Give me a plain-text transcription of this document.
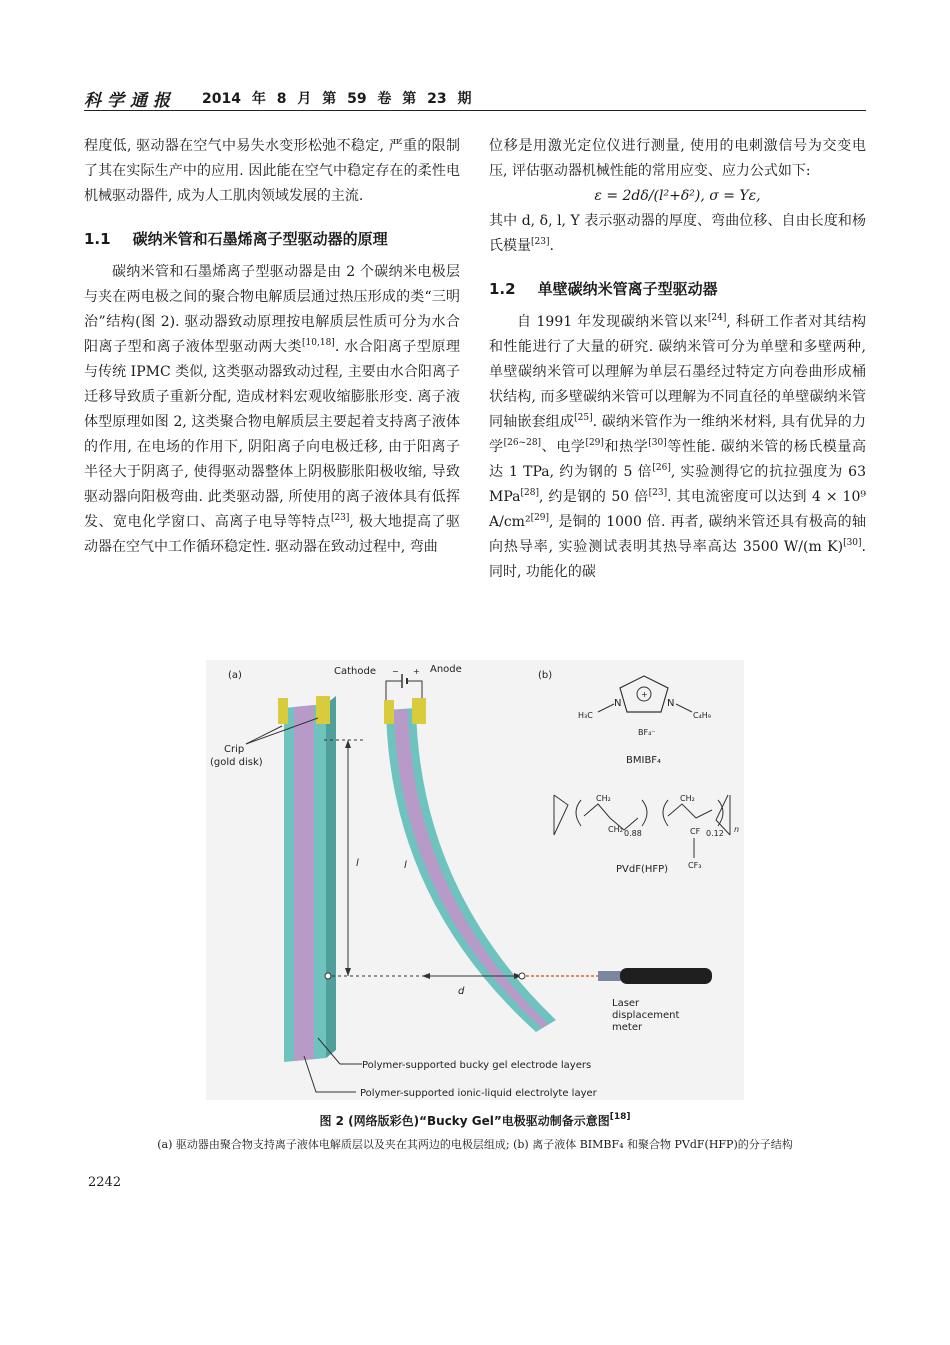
科学通报 2014 年 8 月 第 59 卷 第 23 期

程度低, 驱动器在空气中易失水变形松弛不稳定, 严重的限制了其在实际生产中的应用. 因此能在空气中稳定存在的柔性电机械驱动器件, 成为人工肌肉领域发展的主流.

1.1 碳纳米管和石墨烯离子型驱动器的原理

碳纳米管和石墨烯离子型驱动器是由 2 个碳纳米电极层与夹在两电极之间的聚合物电解质层通过热压形成的类“三明治”结构(图 2). 驱动器致动原理按电解质层性质可分为水合阳离子型和离子液体型驱动两大类[10,18]. 水合阳离子型原理与传统 IPMC 类似, 这类驱动器致动过程, 主要由水合阳离子迁移导致质子重新分配, 造成材料宏观收缩膨胀形变. 离子液体型原理如图 2, 这类聚合物电解质层主要起着支持离子液体的作用, 在电场的作用下, 阴阳离子向电极迁移, 由于阳离子半径大于阴离子, 使得驱动器整体上阴极膨胀阳极收缩, 导致驱动器向阳极弯曲. 此类驱动器, 所使用的离子液体具有低挥发、宽电化学窗口、高离子电导等特点[23], 极大地提高了驱动器在空气中工作循环稳定性. 驱动器在致动过程中, 弯曲

位移是用激光定位仪进行测量, 使用的电刺激信号为交变电压, 评估驱动器机械性能的常用应变、应力公式如下:

ε = 2dδ/(l²+δ²), σ = Yε,

其中 d, δ, l, Y 表示驱动器的厚度、弯曲位移、自由长度和杨氏模量[23].

1.2 单壁碳纳米管离子型驱动器

自 1991 年发现碳纳米管以来[24], 科研工作者对其结构和性能进行了大量的研究. 碳纳米管可分为单壁和多壁两种, 单壁碳纳米管可以理解为单层石墨经过特定方向卷曲形成桶状结构, 而多壁碳纳米管可以理解为不同直径的单壁碳纳米管同轴嵌套组成[25]. 碳纳米管作为一维纳米材料, 具有优异的力学[26~28]、电学[29]和热学[30]等性能. 碳纳米管的杨氏模量高达 1 TPa, 约为钢的 5 倍[26], 实验测得它的抗拉强度为 63 MPa[28], 约是钢的 50 倍[23]. 其电流密度可以达到 4 × 10⁹ A/cm²[29], 是铜的 1000 倍. 再者, 碳纳米管还具有极高的轴向热导率, 实验测试表明其热导率高达 3500 W/(m K)[30]. 同时, 功能化的碳

(a)	(b)
Cathode	Anode
− +
Crip
(gold disk)
l	l
d
Laser
displacement
meter
Polymer-supported bucky gel electrode layers
Polymer-supported ionic-liquid electrolyte layer
+
N	N
H₃C	C₄H₉
BF₄⁻
BMIBF₄
CH₂
CH₂ 0.88
CH₂
CF 0.12
CF₃
n
PVdF(HFP)
图 2 (网络版彩色)“Bucky Gel”电极驱动制备示意图[18]
(a) 驱动器由聚合物支持离子液体电解质层以及夹在其两边的电极层组成; (b) 离子液体 BIMBF₄ 和聚合物 PVdF(HFP)的分子结构
2242
